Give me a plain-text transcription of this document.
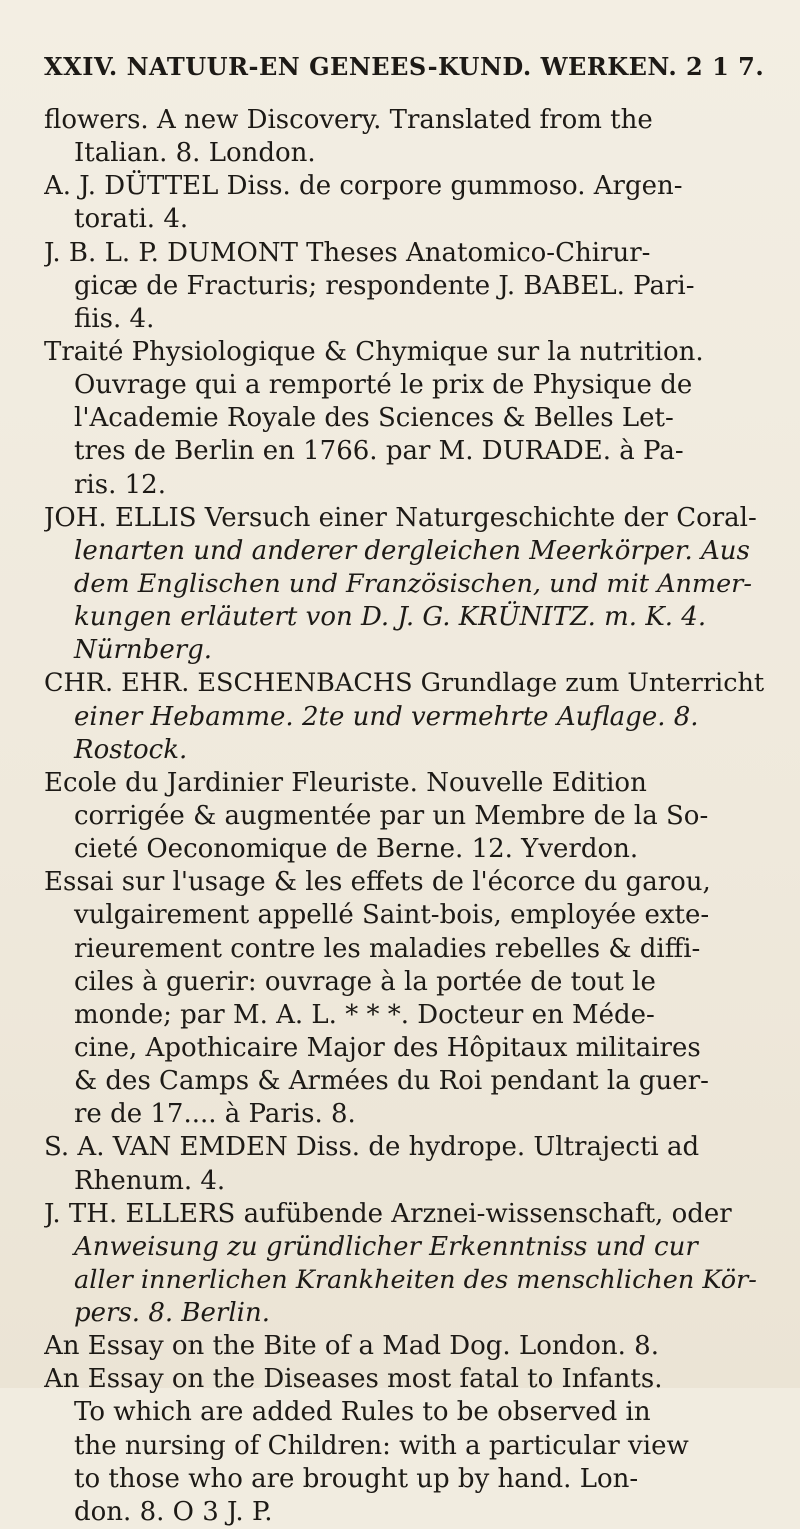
XXIV. NATUUR-EN GENEES-KUND. WERKEN. 2 1 7.
flowers. A new Discovery. Translated from the
Italian. 8. London.
A. J. DÜTTEL Diss. de corpore gummoso. Argen-
torati. 4.
J. B. L. P. DUMONT Theses Anatomico-Chirur-
gicæ de Fracturis; respondente J. BABEL. Pari-
fiis. 4.
Traité Physiologique & Chymique sur la nutrition.
Ouvrage qui a remporté le prix de Physique de
l'Academie Royale des Sciences & Belles Let-
tres de Berlin en 1766. par M. DURADE. à Pa-
ris. 12.
JOH. ELLIS Versuch einer Naturgeschichte der Coral-
lenarten und anderer dergleichen Meerkörper. Aus
dem Englischen und Französischen, und mit Anmer-
kungen erläutert von D. J. G. KRÜNITZ. m. K. 4.
Nürnberg.
CHR. EHR. ESCHENBACHS Grundlage zum Unterricht
einer Hebamme. 2te und vermehrte Auflage. 8.
Rostock.
Ecole du Jardinier Fleuriste. Nouvelle Edition
corrigée & augmentée par un Membre de la So-
cieté Oeconomique de Berne. 12. Yverdon.
Essai sur l'usage & les effets de l'écorce du garou,
vulgairement appellé Saint-bois, employée exte-
rieurement contre les maladies rebelles & diffi-
ciles à guerir: ouvrage à la portée de tout le
monde; par M. A. L. * * *. Docteur en Méde-
cine, Apothicaire Major des Hôpitaux militaires
& des Camps & Armées du Roi pendant la guer-
re de 17.... à Paris. 8.
S. A. VAN EMDEN Diss. de hydrope. Ultrajecti ad
Rhenum. 4.
J. TH. ELLERS aufübende Arznei-wissenschaft, oder
Anweisung zu gründlicher Erkenntniss und cur
aller innerlichen Krankheiten des menschlichen Kör-
pers. 8. Berlin.
An Essay on the Bite of a Mad Dog. London. 8.
An Essay on the Diseases most fatal to Infants.
To which are added Rules to be observed in
the nursing of Children: with a particular view
to those who are brought up by hand. Lon-
don. 8. O 3 J. P.
